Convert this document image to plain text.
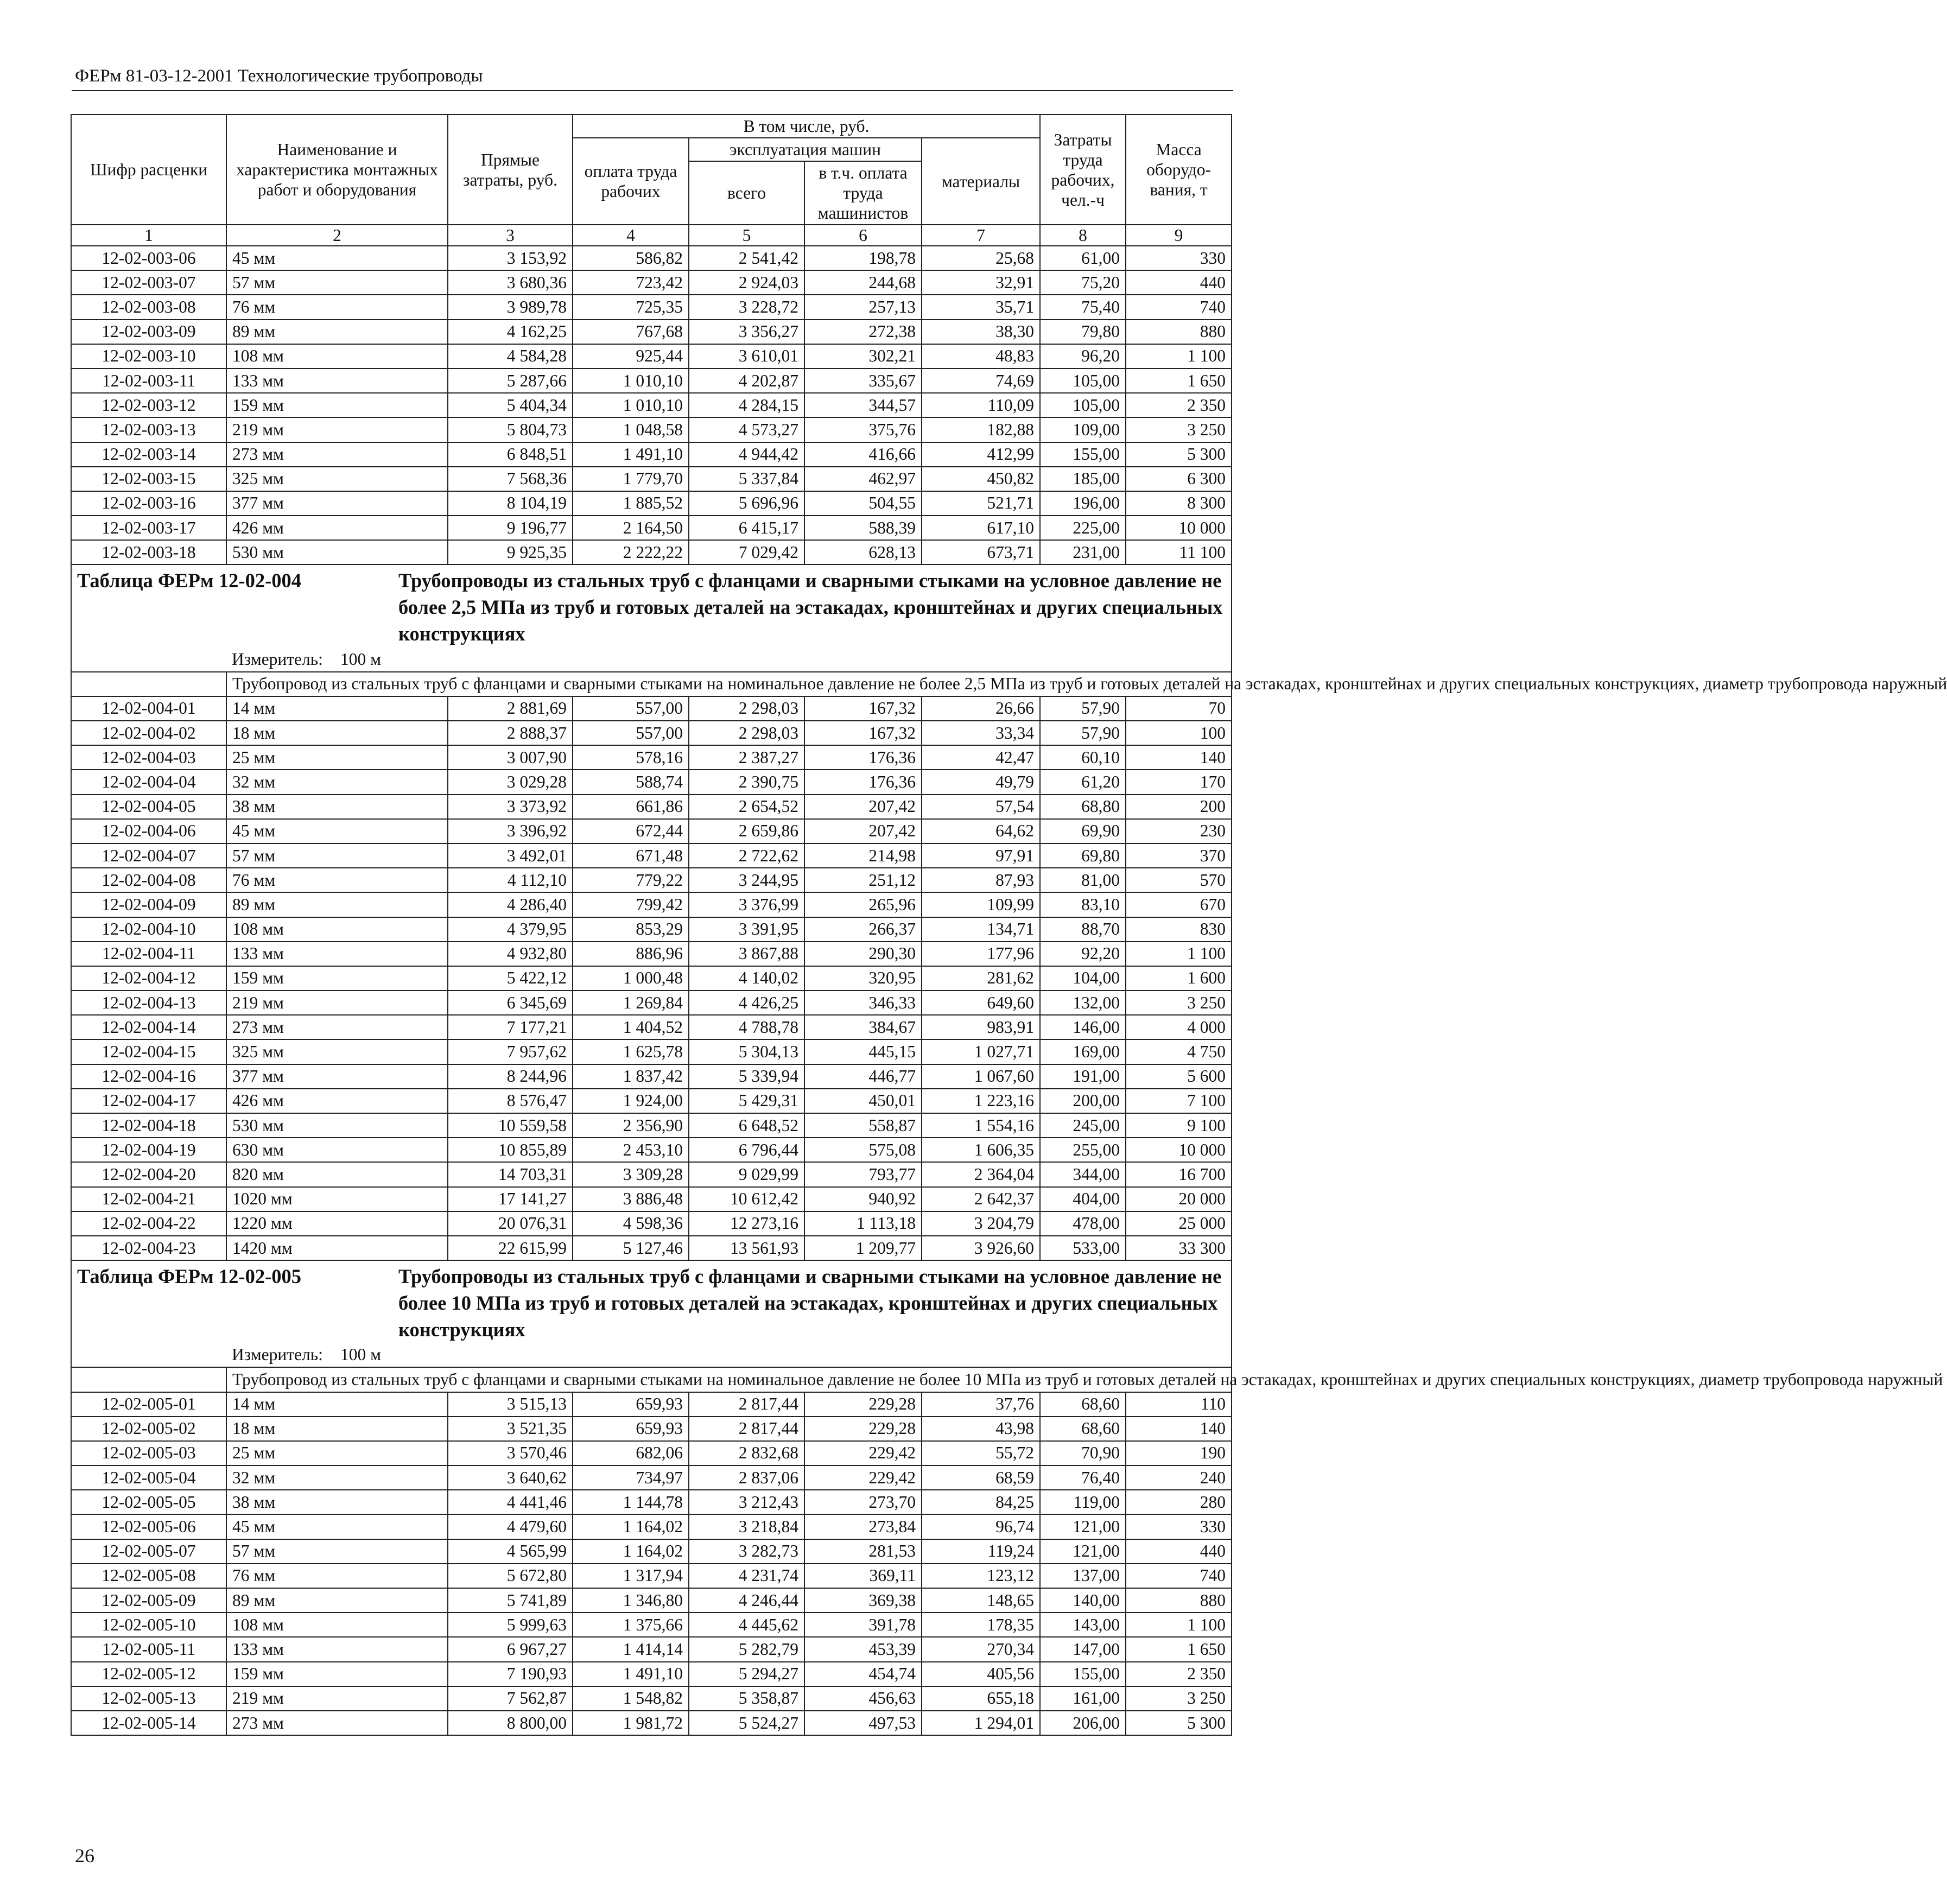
ФЕРм 81-03-12-2001 Технологические трубопроводы
Шифр расценки	Наименование и характеристика монтажных работ и оборудования	Прямые затраты, руб.	В том числе, руб.				Затраты труда рабочих, чел.-ч	Масса оборудо-вания, т
			оплата труда рабочих	эксплуатация машин		материалы		
				всего	в т.ч. оплата труда машинистов			
1	2	3	4	5	6	7	8	9
12-02-003-06	45 мм	3 153,92	586,82	2 541,42	198,78	25,68	61,00	330
12-02-003-07	57 мм	3 680,36	723,42	2 924,03	244,68	32,91	75,20	440
12-02-003-08	76 мм	3 989,78	725,35	3 228,72	257,13	35,71	75,40	740
12-02-003-09	89 мм	4 162,25	767,68	3 356,27	272,38	38,30	79,80	880
12-02-003-10	108 мм	4 584,28	925,44	3 610,01	302,21	48,83	96,20	1 100
12-02-003-11	133 мм	5 287,66	1 010,10	4 202,87	335,67	74,69	105,00	1 650
12-02-003-12	159 мм	5 404,34	1 010,10	4 284,15	344,57	110,09	105,00	2 350
12-02-003-13	219 мм	5 804,73	1 048,58	4 573,27	375,76	182,88	109,00	3 250
12-02-003-14	273 мм	6 848,51	1 491,10	4 944,42	416,66	412,99	155,00	5 300
12-02-003-15	325 мм	7 568,36	1 779,70	5 337,84	462,97	450,82	185,00	6 300
12-02-003-16	377 мм	8 104,19	1 885,52	5 696,96	504,55	521,71	196,00	8 300
12-02-003-17	426 мм	9 196,77	2 164,50	6 415,17	588,39	617,10	225,00	10 000
12-02-003-18	530 мм	9 925,35	2 222,22	7 029,42	628,13	673,71	231,00	11 100

Таблица ФЕРм 12-02-004 Трубопроводы из стальных труб с фланцами и сварными стыками на условное давление не более 2,5 МПа из труб и готовых деталей на эстакадах, кронштейнах и других специальных конструкциях								

Измеритель: 100 м								

	Трубопровод из стальных труб с фланцами и сварными стыками на номинальное давление не более 2,5 МПа из труб и готовых деталей на эстакадах, кронштейнах и других специальных конструкциях, диаметр трубопровода наружный							
12-02-004-01	14 мм	2 881,69	557,00	2 298,03	167,32	26,66	57,90	70
12-02-004-02	18 мм	2 888,37	557,00	2 298,03	167,32	33,34	57,90	100
12-02-004-03	25 мм	3 007,90	578,16	2 387,27	176,36	42,47	60,10	140
12-02-004-04	32 мм	3 029,28	588,74	2 390,75	176,36	49,79	61,20	170
12-02-004-05	38 мм	3 373,92	661,86	2 654,52	207,42	57,54	68,80	200
12-02-004-06	45 мм	3 396,92	672,44	2 659,86	207,42	64,62	69,90	230
12-02-004-07	57 мм	3 492,01	671,48	2 722,62	214,98	97,91	69,80	370
12-02-004-08	76 мм	4 112,10	779,22	3 244,95	251,12	87,93	81,00	570
12-02-004-09	89 мм	4 286,40	799,42	3 376,99	265,96	109,99	83,10	670
12-02-004-10	108 мм	4 379,95	853,29	3 391,95	266,37	134,71	88,70	830
12-02-004-11	133 мм	4 932,80	886,96	3 867,88	290,30	177,96	92,20	1 100
12-02-004-12	159 мм	5 422,12	1 000,48	4 140,02	320,95	281,62	104,00	1 600
12-02-004-13	219 мм	6 345,69	1 269,84	4 426,25	346,33	649,60	132,00	3 250
12-02-004-14	273 мм	7 177,21	1 404,52	4 788,78	384,67	983,91	146,00	4 000
12-02-004-15	325 мм	7 957,62	1 625,78	5 304,13	445,15	1 027,71	169,00	4 750
12-02-004-16	377 мм	8 244,96	1 837,42	5 339,94	446,77	1 067,60	191,00	5 600
12-02-004-17	426 мм	8 576,47	1 924,00	5 429,31	450,01	1 223,16	200,00	7 100
12-02-004-18	530 мм	10 559,58	2 356,90	6 648,52	558,87	1 554,16	245,00	9 100
12-02-004-19	630 мм	10 855,89	2 453,10	6 796,44	575,08	1 606,35	255,00	10 000
12-02-004-20	820 мм	14 703,31	3 309,28	9 029,99	793,77	2 364,04	344,00	16 700
12-02-004-21	1020 мм	17 141,27	3 886,48	10 612,42	940,92	2 642,37	404,00	20 000
12-02-004-22	1220 мм	20 076,31	4 598,36	12 273,16	1 113,18	3 204,79	478,00	25 000
12-02-004-23	1420 мм	22 615,99	5 127,46	13 561,93	1 209,77	3 926,60	533,00	33 300

Таблица ФЕРм 12-02-005 Трубопроводы из стальных труб с фланцами и сварными стыками на условное давление не более 10 МПа из труб и готовых деталей на эстакадах, кронштейнах и других специальных конструкциях								

Измеритель: 100 м								

	Трубопровод из стальных труб с фланцами и сварными стыками на номинальное давление не более 10 МПа из труб и готовых деталей на эстакадах, кронштейнах и других специальных конструкциях, диаметр трубопровода наружный							
12-02-005-01	14 мм	3 515,13	659,93	2 817,44	229,28	37,76	68,60	110
12-02-005-02	18 мм	3 521,35	659,93	2 817,44	229,28	43,98	68,60	140
12-02-005-03	25 мм	3 570,46	682,06	2 832,68	229,42	55,72	70,90	190
12-02-005-04	32 мм	3 640,62	734,97	2 837,06	229,42	68,59	76,40	240
12-02-005-05	38 мм	4 441,46	1 144,78	3 212,43	273,70	84,25	119,00	280
12-02-005-06	45 мм	4 479,60	1 164,02	3 218,84	273,84	96,74	121,00	330
12-02-005-07	57 мм	4 565,99	1 164,02	3 282,73	281,53	119,24	121,00	440
12-02-005-08	76 мм	5 672,80	1 317,94	4 231,74	369,11	123,12	137,00	740
12-02-005-09	89 мм	5 741,89	1 346,80	4 246,44	369,38	148,65	140,00	880
12-02-005-10	108 мм	5 999,63	1 375,66	4 445,62	391,78	178,35	143,00	1 100
12-02-005-11	133 мм	6 967,27	1 414,14	5 282,79	453,39	270,34	147,00	1 650
12-02-005-12	159 мм	7 190,93	1 491,10	5 294,27	454,74	405,56	155,00	2 350
12-02-005-13	219 мм	7 562,87	1 548,82	5 358,87	456,63	655,18	161,00	3 250
12-02-005-14	273 мм	8 800,00	1 981,72	5 524,27	497,53	1 294,01	206,00	5 300
26
